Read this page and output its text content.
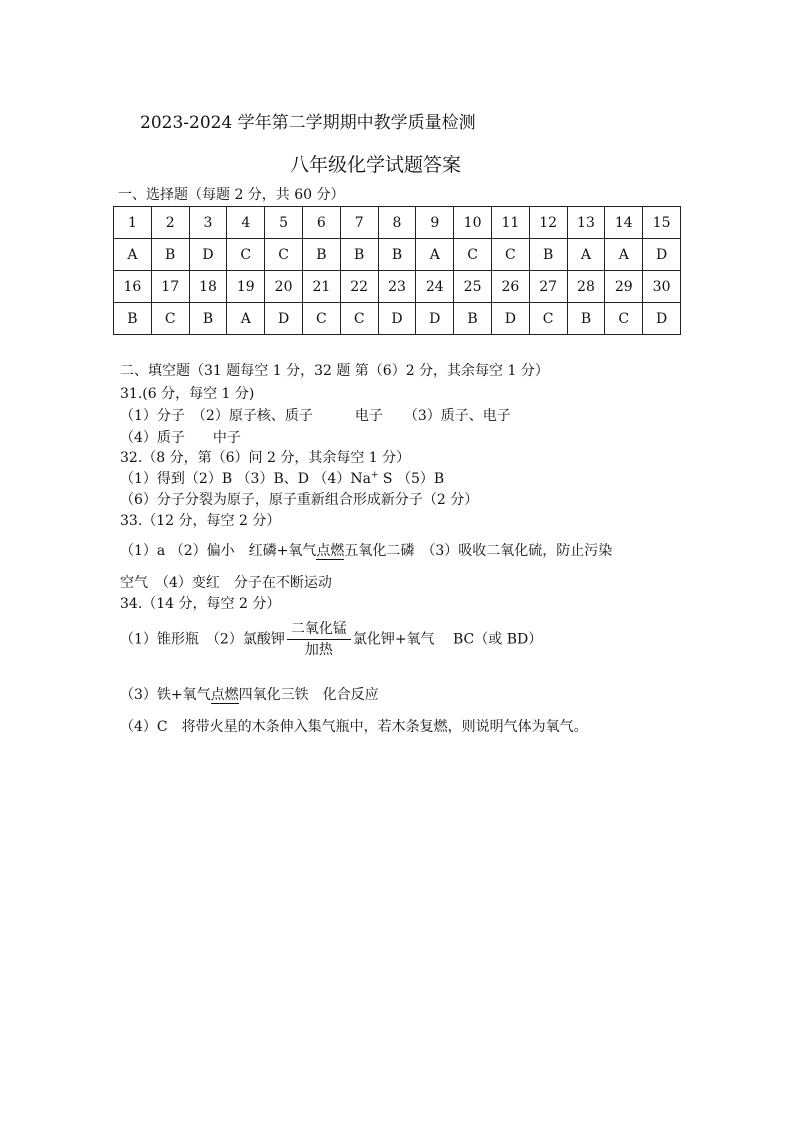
2023-2024 学年第二学期期中教学质量检测
八年级化学试题答案
一、选择题（每题 2 分，共 60 分）
1	2	3	4	5	6	7	8	9	10	11	12	13	14	15
A	B	D	C	C	B	B	B	A	C	C	B	A	A	D
16	17	18	19	20	21	22	23	24	25	26	27	28	29	30
B	C	B	A	D	C	C	D	D	B	D	C	B	C	D
二、填空题（31 题每空 1 分，32 题 第（6）2 分，其余每空 1 分）
31.(6 分，每空 1 分)
（1）分子　（2）原子核、质子　　　电子　　（3）质子、电子
（4）质子　　中子
32.（8 分，第（6）问 2 分，其余每空 1 分）
（1）得到（2）B （3）B、D （4）Na+ S （5）B
（6）分子分裂为原子，原子重新组合形成新分子（2 分）
33.（12 分，每空 2 分）
（1）a （2）偏小　红磷+氧气点燃五氧化二磷　（3）吸收二氧化硫，防止污染
空气　（4）变红　分子在不断运动
34.（14 分，每空 2 分）
（1）锥形瓶　（2）氯酸钾 $\frac{\text{二氧化锰}}{\text{加热}}$ 氯化钾+氧气　 BC（或 BD）
（3）铁+氧气点燃四氧化三铁　化合反应
（4）C　将带火星的木条伸入集气瓶中，若木条复燃，则说明气体为氧气。
